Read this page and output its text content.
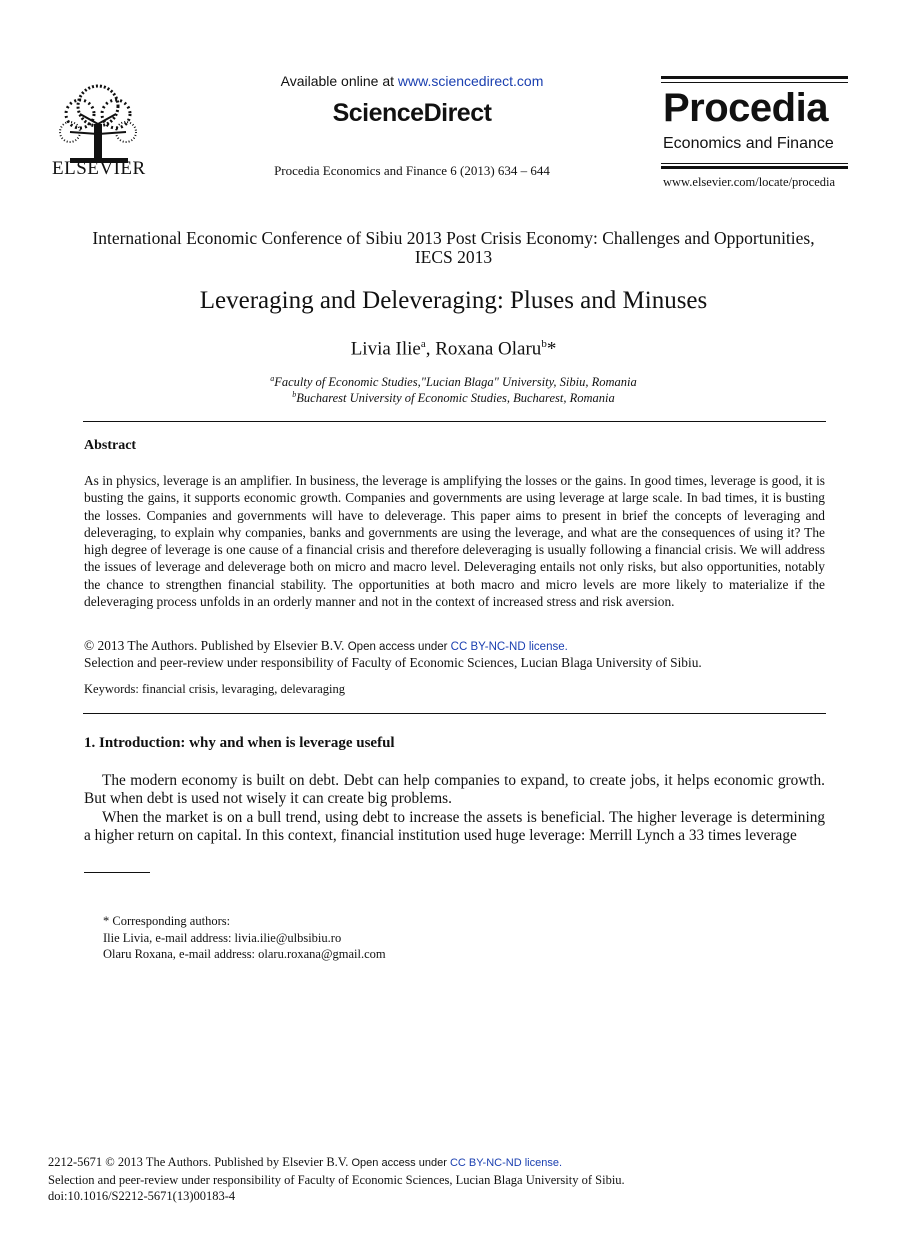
ELSEVIER
Available online at www.sciencedirect.com
ScienceDirect
Procedia Economics and Finance 6 (2013) 634 – 644
Procedia
Economics and Finance
www.elsevier.com/locate/procedia
International Economic Conference of Sibiu 2013 Post Crisis Economy: Challenges and Opportunities, IECS 2013
Leveraging and Deleveraging: Pluses and Minuses
Livia Ilie$^a$, Roxana Olaru$^b$*
$^a$Faculty of Economic Studies,"Lucian Blaga" University, Sibiu, Romania
$^b$Bucharest University of Economic Studies, Bucharest, Romania
Abstract
As in physics, leverage is an amplifier. In business, the leverage is amplifying the losses or the gains. In good times, leverage is good, it is busting the gains, it supports economic growth. Companies and governments are using leverage at large scale. In bad times, it is busting the losses. Companies and governments will have to deleverage. This paper aims to present in brief the concepts of leveraging and deleveraging, to explain why companies, banks and governments are using the leverage, and what are the consequences of using it? The high degree of leverage is one cause of a financial crisis and therefore deleveraging is usually following a financial crisis. We will address the issues of leverage and deleverage both on micro and macro level. Deleveraging entails not only risks, but also opportunities, notably the chance to strengthen financial stability. The opportunities at both macro and micro levels are more likely to materialize if the deleveraging process unfolds in an orderly manner and not in the context of increased stress and risk aversion.
© 2013 The Authors. Published by Elsevier B.V. Open access under CC BY-NC-ND license.
Selection and peer-review under responsibility of Faculty of Economic Sciences, Lucian Blaga University of Sibiu.
Keywords: financial crisis, levaraging, delevaraging
1. Introduction: why and when is leverage useful

The modern economy is built on debt. Debt can help companies to expand, to create jobs, it helps economic growth. But when debt is used not wisely it can create big problems.

When the market is on a bull trend, using debt to increase the assets is beneficial. The higher leverage is determining a higher return on capital. In this context, financial institution used huge leverage: Merrill Lynch a 33 times leverage

* Corresponding authors:
Ilie Livia, e-mail address: livia.ilie@ulbsibiu.ro
Olaru Roxana, e-mail address: olaru.roxana@gmail.com
2212-5671 © 2013 The Authors. Published by Elsevier B.V. Open access under CC BY-NC-ND license.
Selection and peer-review under responsibility of Faculty of Economic Sciences, Lucian Blaga University of Sibiu.
doi:10.1016/S2212-5671(13)00183-4
